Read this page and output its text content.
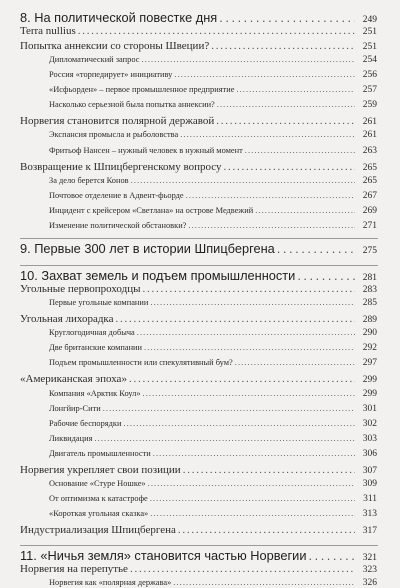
8. На политической повестке дня . . .	249
Terra nullius . . .	251
Попытка аннексии со стороны Швеции? . . .	251
Дипломатический запрос . . .	254
Россия «торпедирует» инициативу . . .	256
«Исфьорден» – первое промышленное предприятие . . .	257
Насколько серьезной была попытка аннексии? . . .	259
Норвегия становится полярной державой . . .	261
Экспансия промысла и рыболовства . . .	261
Фритьоф Нансен – нужный человек в нужный момент . . .	263
Возвращение к Шпицбергенскому вопросу . . .	265
За дело берется Конов . . .	265
Почтовое отделение в Адвент-фьорде . . .	267
Инцидент с крейсером «Светлана» на острове Медвежий . . .	269
Изменение политической обстановки? . . .	271
9. Первые 300 лет в истории Шпицбергена . . .	275
10. Захват земель и подъем промышленности . . .	281
Угольные первопроходцы . . .	283
Первые угольные компании . . .	285
Угольная лихорадка . . .	289
Круглогодичная добыча . . .	290
Две британские компании . . .	292
Подъем промышленности или спекулятивный бум? . . .	297
«Американская эпоха» . . .	299
Компания «Арктик Коул» . . .	299
Лонгйир-Сити . . .	301
Рабочие беспорядки . . .	302
Ликвидация . . .	303
Двигатель промышленности . . .	306
Норвегия укрепляет свои позиции . . .	307
Основание «Стуре Ношке» . . .	309
От оптимизма к катастрофе . . .	311
«Короткая угольная сказка» . . .	313
Индустриализация Шпицбергена . . .	317
11. «Ничья земля» становится частью Норвегии . . .	321
Норвегия на перепутье . . .	323
Норвегия как «полярная держава» . . .	326
